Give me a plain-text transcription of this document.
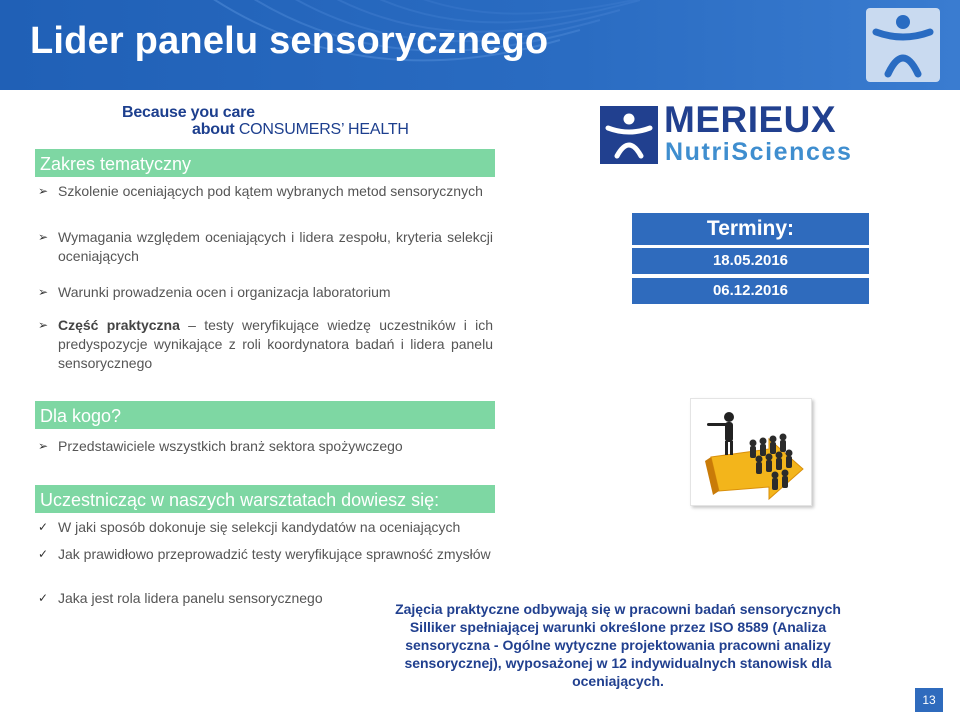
Lider panelu sensorycznego
Because you care
about CONSUMERS’ HEALTH	MERIEUX
NutriSciences
Zakres tematyczny
➢ Szkolenie oceniających pod kątem wybranych metod sensorycznych
➢ Wymagania względem oceniających i lidera zespołu, kryteria selekcji oceniających
➢ Warunki prowadzenia ocen i organizacja laboratorium
➢ Część praktyczna – testy weryfikujące wiedzę uczestników i ich predyspozycje wynikające z roli koordynatora badań i lidera panelu sensorycznego
Terminy:
18.05.2016
06.12.2016
Dla kogo?
➢ Przedstawiciele wszystkich branż sektora spożywczego
Uczestnicząc w naszych warsztatach dowiesz się:
✓ W jaki sposób dokonuje się selekcji kandydatów na oceniających
✓ Jak prawidłowo przeprowadzić testy weryfikujące sprawność zmysłów
✓ Jaka jest rola lidera panelu sensorycznego
Zajęcia praktyczne odbywają się w pracowni badań sensorycznych Silliker spełniającej warunki określone przez ISO 8589 (Analiza sensoryczna - Ogólne wytyczne projektowania pracowni analizy sensorycznej), wyposażonej w 12 indywidualnych stanowisk dla oceniających.
13
